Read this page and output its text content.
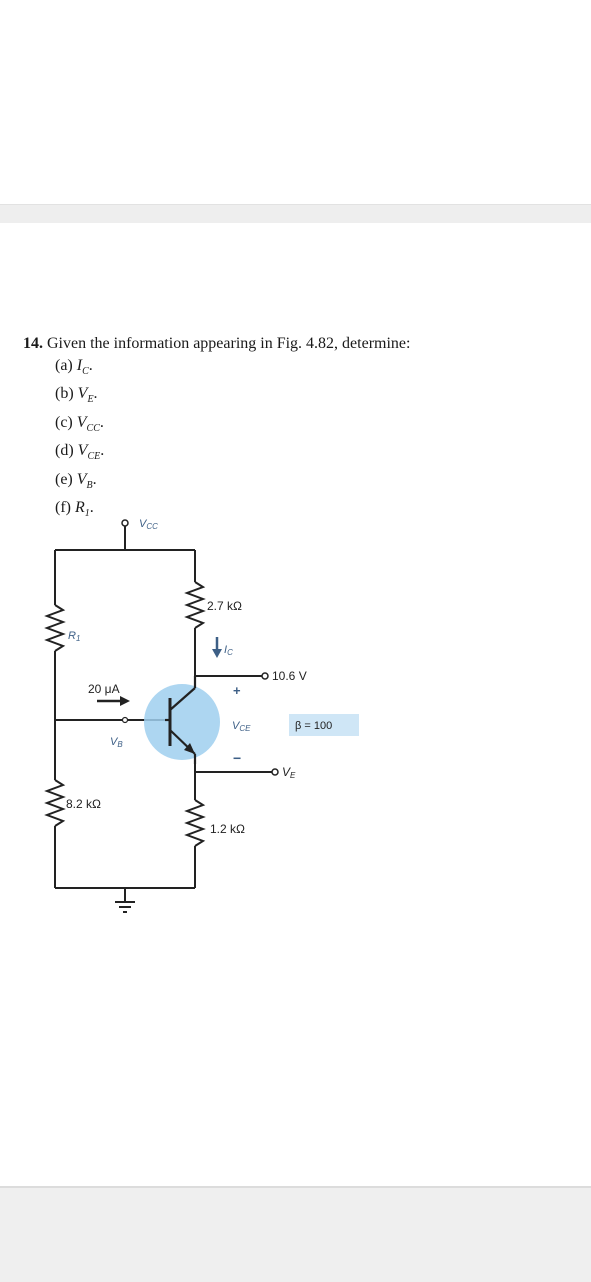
14. Given the information appearing in Fig. 4.82, determine:
(a) $I_C$.
(b) $V_E$.
(c) $V_{CC}$.
(d) $V_{CE}$.
(e) $V_B$.
(f) $R_1$.
VCC
R1
2.7 kΩ
IC
10.6 V
20 μA
VB
+
VCE
−
β = 100
VE
8.2 kΩ
1.2 kΩ
